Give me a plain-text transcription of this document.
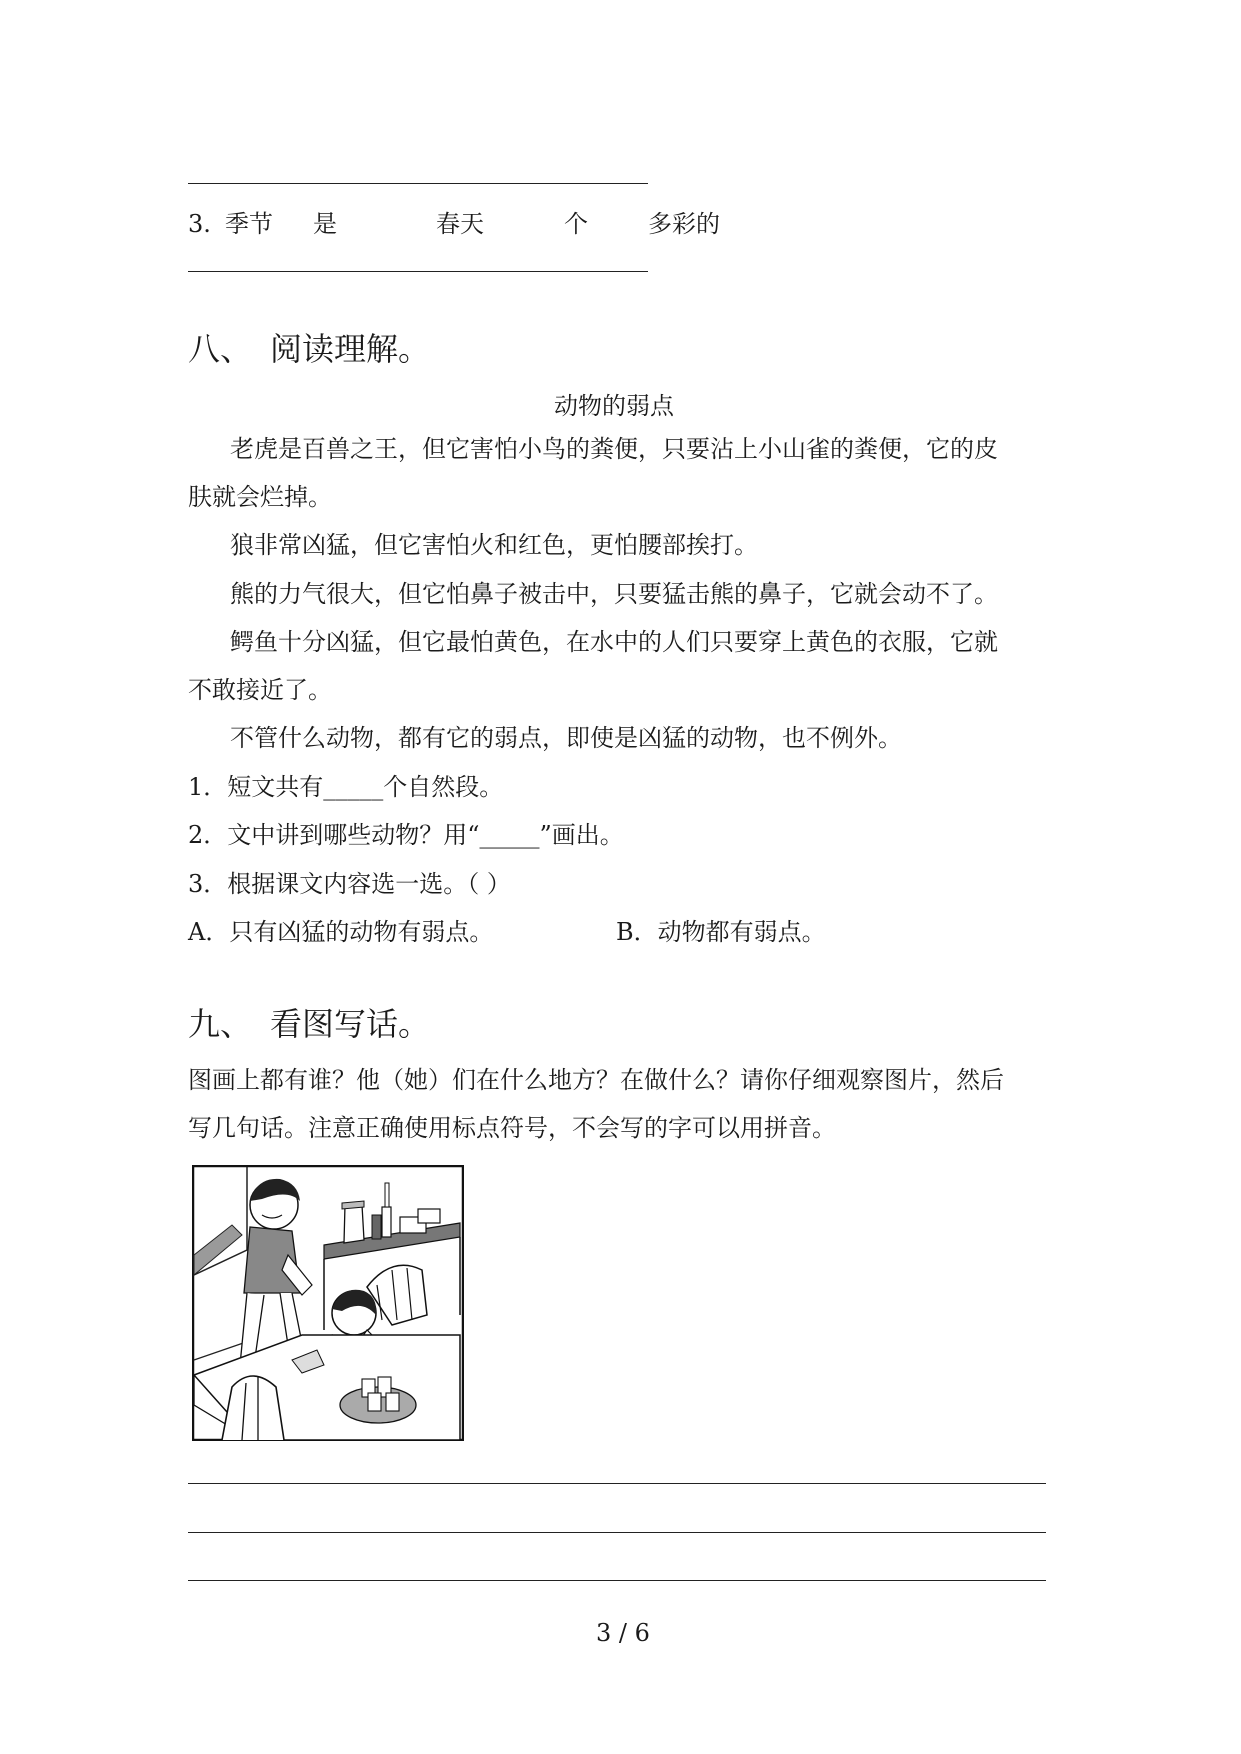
3. 季节 是	春天	个	多彩的
八、 阅读理解。
动物的弱点
老虎是百兽之王，但它害怕小鸟的粪便，只要沾上小山雀的粪便，它的皮
肤就会烂掉。
狼非常凶猛，但它害怕火和红色，更怕腰部挨打。
熊的力气很大，但它怕鼻子被击中，只要猛击熊的鼻子，它就会动不了。
鳄鱼十分凶猛，但它最怕黄色，在水中的人们只要穿上黄色的衣服，它就
不敢接近了。
不管什么动物，都有它的弱点，即使是凶猛的动物，也不例外。
1．短文共有_____个自然段。
2．文中讲到哪些动物？用“_____”画出。
3．根据课文内容选一选。（ ）
A．只有凶猛的动物有弱点。	B．动物都有弱点。
九、 看图写话。
图画上都有谁？他（她）们在什么地方？在做什么？请你仔细观察图片，然后
写几句话。注意正确使用标点符号，不会写的字可以用拼音。
3 / 6
